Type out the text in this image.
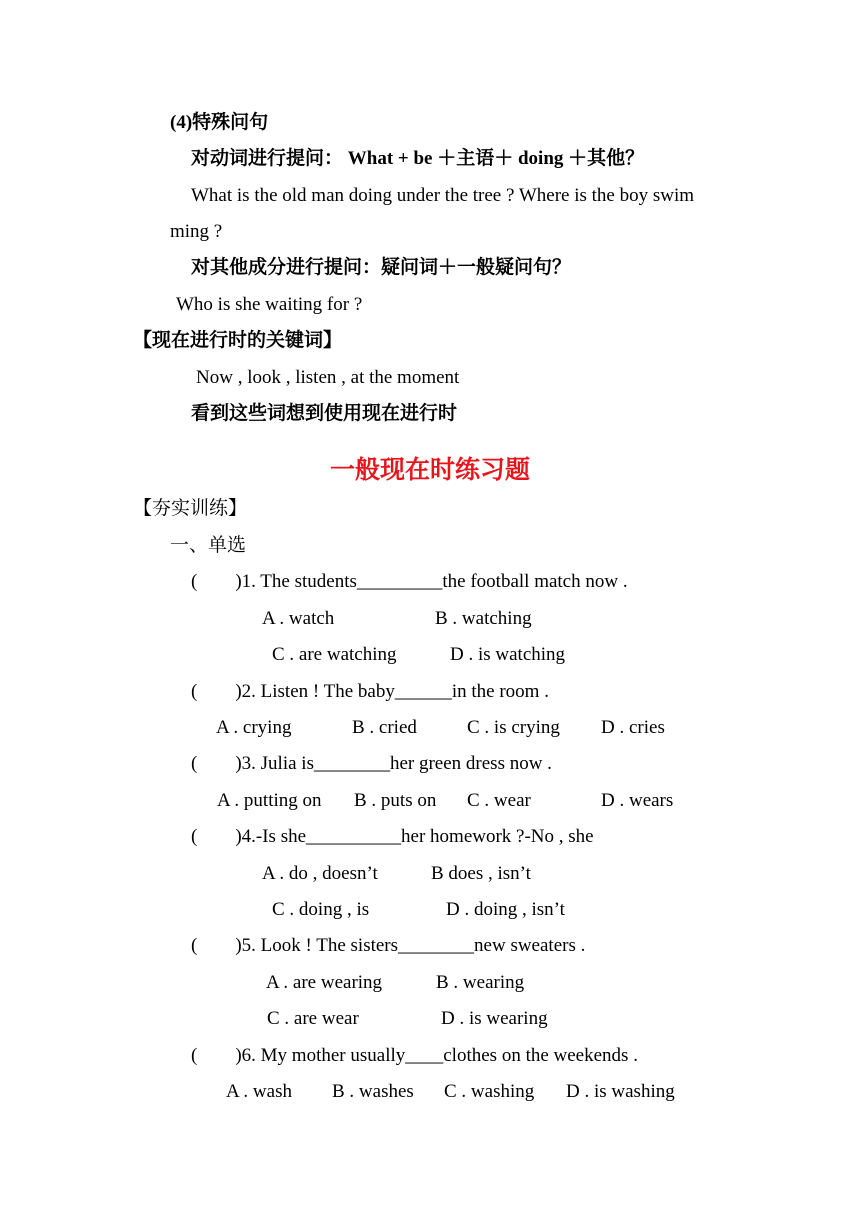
(4)特殊问句
对动词进行提问： What + be ＋主语＋ doing ＋其他？
What is the old man doing under the tree ? Where is the boy swim
ming ?
对其他成分进行提问：疑问词＋一般疑问句？
Who is she waiting for ?
【现在进行时的关键词】
Now , look , listen , at the moment
看到这些词想到使用现在进行时
一般现在时练习题
【夯实训练】
一、单选
(        )1. The students_________the football match now .
A . watch	B . watching
C . are watching	D . is watching
(        )2. Listen ! The baby______in the room .
A . crying	B . cried	C . is crying D . cries
(        )3. Julia is________her green dress now .
A . putting on B . puts on C . wear	D . wears
(        )4.-Is she__________her homework ?-No , she
A . do , doesn’t	B does , isn’t
C . doing , is	D . doing , isn’t
(        )5. Look ! The sisters________new sweaters .
A . are wearing	B . wearing
C . are wear	D . is wearing
(        )6. My mother usually____clothes on the weekends .
A . wash B . washes C . washing D . is washing
